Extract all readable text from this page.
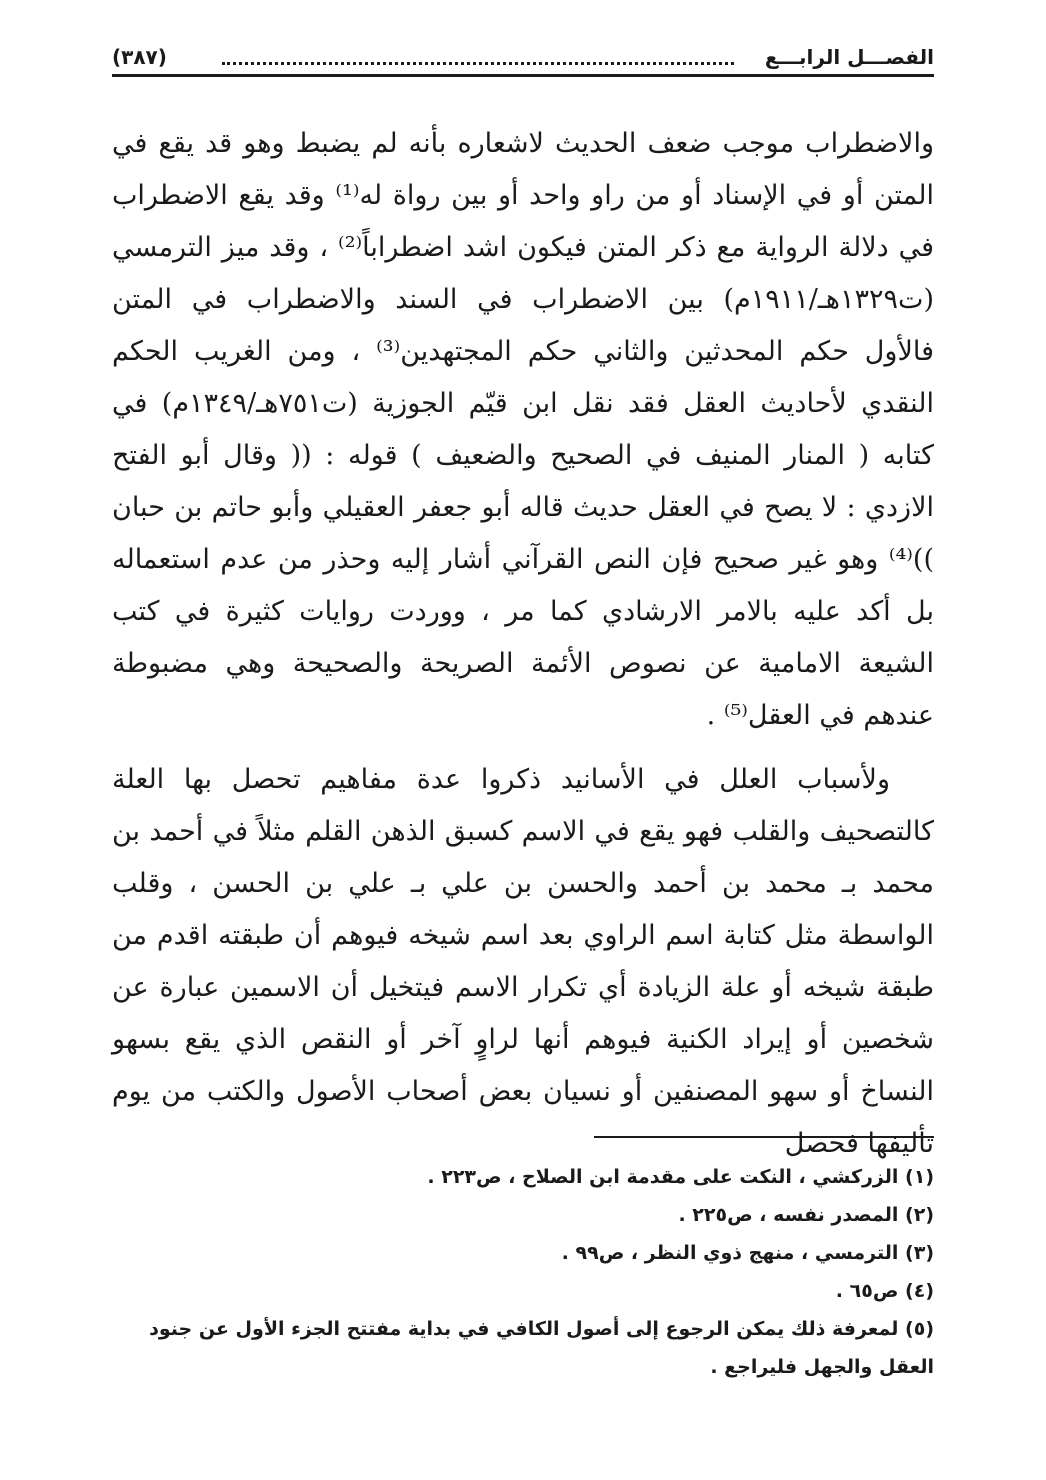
الفصـــل الرابـــع
(٣٨٧)

والاضطراب موجب ضعف الحديث لاشعاره بأنه لم يضبط وهو قد يقع في المتن أو في الإسناد أو من راو واحد أو بين رواة له⁽¹⁾ وقد يقع الاضطراب في دلالة الرواية مع ذكر المتن فيكون اشد اضطراباً⁽²⁾ ، وقد ميز الترمسي (ت١٣٢٩هـ/١٩١١م) بين الاضطراب في السند والاضطراب في المتن فالأول حكم المحدثين والثاني حكم المجتهدين⁽³⁾ ، ومن الغريب الحكم النقدي لأحاديث العقل فقد نقل ابن قيّم الجوزية (ت٧٥١هـ/١٣٤٩م) في كتابه ( المنار المنيف في الصحيح والضعيف ) قوله : (( وقال أبو الفتح الازدي : لا يصح في العقل حديث قاله أبو جعفر العقيلي وأبو حاتم بن حبان ))⁽⁴⁾ وهو غير صحيح فإن النص القرآني أشار إليه وحذر من عدم استعماله بل أكد عليه بالامر الارشادي كما مر ، ووردت روايات كثيرة في كتب الشيعة الامامية عن نصوص الأئمة الصريحة والصحيحة وهي مضبوطة عندهم في العقل⁽⁵⁾ .

ولأسباب العلل في الأسانيد ذكروا عدة مفاهيم تحصل بها العلة كالتصحيف والقلب فهو يقع في الاسم كسبق الذهن القلم مثلاً في أحمد بن محمد بـ محمد بن أحمد والحسن بن علي بـ علي بن الحسن ، وقلب الواسطة مثل كتابة اسم الراوي بعد اسم شيخه فيوهم أن طبقته اقدم من طبقة شيخه أو علة الزيادة أي تكرار الاسم فيتخيل أن الاسمين عبارة عن شخصين أو إيراد الكنية فيوهم أنها لراوٍ آخر أو النقص الذي يقع بسهو النساخ أو سهو المصنفين أو نسيان بعض أصحاب الأصول والكتب من يوم تأليفها فحصل

(١) الزركشي ، النكت على مقدمة ابن الصلاح ، ص٢٢٣ .

(٢) المصدر نفسه ، ص٢٢٥ .

(٣) الترمسي ، منهج ذوي النظر ، ص٩٩ .

(٤) ص٦٥ .

(٥) لمعرفة ذلك يمكن الرجوع إلى أصول الكافي في بداية مفتتح الجزء الأول عن جنود العقل والجهل فليراجع .
